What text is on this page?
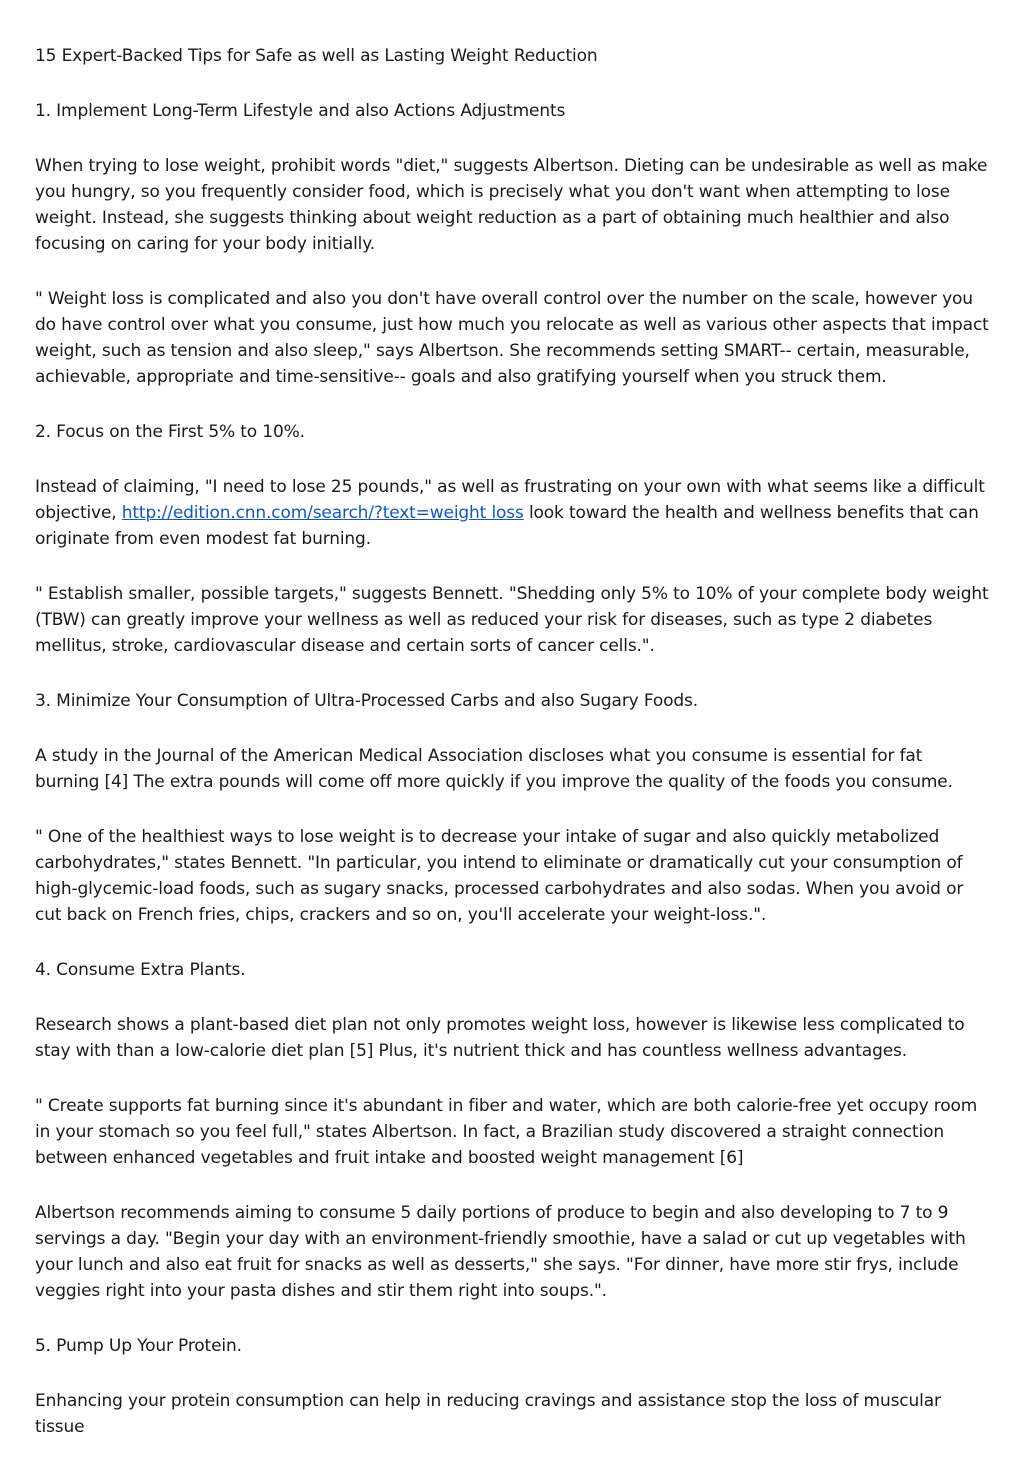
15 Expert-Backed Tips for Safe as well as Lasting Weight Reduction

1. Implement Long-Term Lifestyle and also Actions Adjustments

When trying to lose weight, prohibit words "diet," suggests Albertson. Dieting can be undesirable as well as make you hungry, so you frequently consider food, which is precisely what you don't want when attempting to lose weight. Instead, she suggests thinking about weight reduction as a part of obtaining much healthier and also focusing on caring for your body initially.

" Weight loss is complicated and also you don't have overall control over the number on the scale, however you do have control over what you consume, just how much you relocate as well as various other aspects that impact weight, such as tension and also sleep," says Albertson. She recommends setting SMART-- certain, measurable, achievable, appropriate and time-sensitive-- goals and also gratifying yourself when you struck them.

2. Focus on the First 5% to 10%.

Instead of claiming, "I need to lose 25 pounds," as well as frustrating on your own with what seems like a difficult objective, http://edition.cnn.com/search/?text=weight loss look toward the health and wellness benefits that can originate from even modest fat burning.

" Establish smaller, possible targets," suggests Bennett. "Shedding only 5% to 10% of your complete body weight (TBW) can greatly improve your wellness as well as reduced your risk for diseases, such as type 2 diabetes mellitus, stroke, cardiovascular disease and certain sorts of cancer cells.".

3. Minimize Your Consumption of Ultra-Processed Carbs and also Sugary Foods.

A study in the Journal of the American Medical Association discloses what you consume is essential for fat burning [4] The extra pounds will come off more quickly if you improve the quality of the foods you consume.

" One of the healthiest ways to lose weight is to decrease your intake of sugar and also quickly metabolized carbohydrates," states Bennett. "In particular, you intend to eliminate or dramatically cut your consumption of high-glycemic-load foods, such as sugary snacks, processed carbohydrates and also sodas. When you avoid or cut back on French fries, chips, crackers and so on, you'll accelerate your weight-loss.".

4. Consume Extra Plants.

Research shows a plant-based diet plan not only promotes weight loss, however is likewise less complicated to stay with than a low-calorie diet plan [5] Plus, it's nutrient thick and has countless wellness advantages.

" Create supports fat burning since it's abundant in fiber and water, which are both calorie-free yet occupy room in your stomach so you feel full," states Albertson. In fact, a Brazilian study discovered a straight connection between enhanced vegetables and fruit intake and boosted weight management [6]

Albertson recommends aiming to consume 5 daily portions of produce to begin and also developing to 7 to 9 servings a day. "Begin your day with an environment-friendly smoothie, have a salad or cut up vegetables with your lunch and also eat fruit for snacks as well as desserts," she says. "For dinner, have more stir frys, include veggies right into your pasta dishes and stir them right into soups.".

5. Pump Up Your Protein.

Enhancing your protein consumption can help in reducing cravings and assistance stop the loss of muscular tissue
